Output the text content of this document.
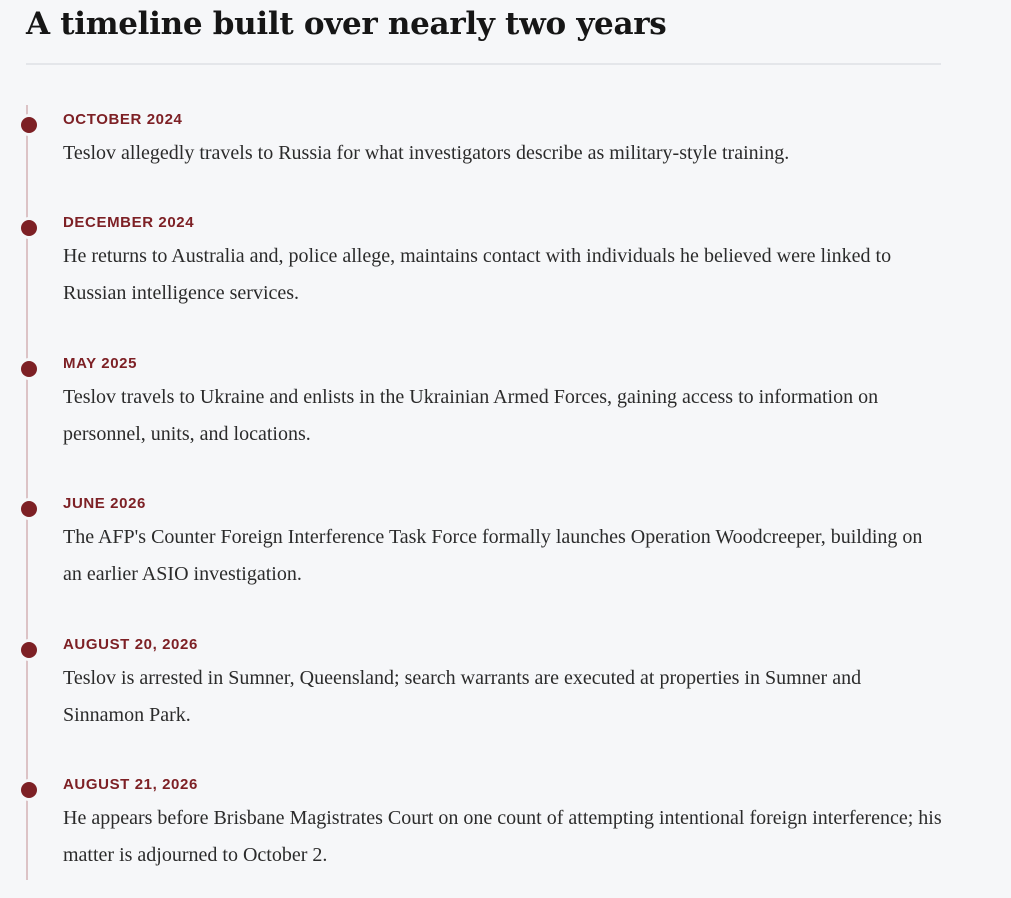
A timeline built over nearly two years
OCTOBER 2024
Teslov allegedly travels to Russia for what investigators describe as military-style training.
DECEMBER 2024
He returns to Australia and, police allege, maintains contact with individuals he believed were linked to Russian intelligence services.
MAY 2025
Teslov travels to Ukraine and enlists in the Ukrainian Armed Forces, gaining access to information on personnel, units, and locations.
JUNE 2026
The AFP's Counter Foreign Interference Task Force formally launches Operation Woodcreeper, building on an earlier ASIO investigation.
AUGUST 20, 2026
Teslov is arrested in Sumner, Queensland; search warrants are executed at properties in Sumner and Sinnamon Park.
AUGUST 21, 2026
He appears before Brisbane Magistrates Court on one count of attempting intentional foreign interference; his matter is adjourned to October 2.
